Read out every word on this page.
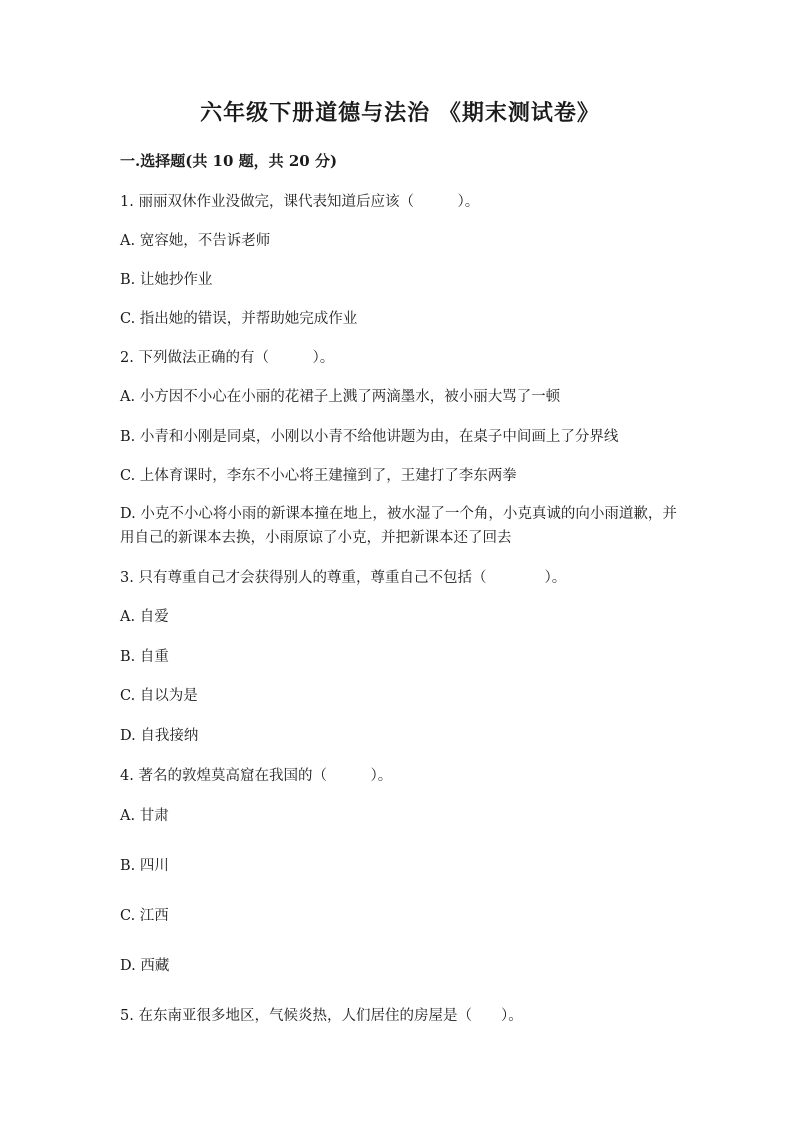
六年级下册道德与法治 《期末测试卷》
一.选择题(共 10 题，共 20 分)
1. 丽丽双休作业没做完，课代表知道后应该（　　　）。
A. 宽容她，不告诉老师
B. 让她抄作业
C. 指出她的错误，并帮助她完成作业
2. 下列做法正确的有（　　　）。
A. 小方因不小心在小丽的花裙子上溅了两滴墨水，被小丽大骂了一顿
B. 小青和小刚是同桌，小刚以小青不给他讲题为由，在桌子中间画上了分界线
C. 上体育课时，李东不小心将王建撞到了，王建打了李东两拳
D. 小克不小心将小雨的新课本撞在地上，被水湿了一个角，小克真诚的向小雨道歉，并用自己的新课本去换，小雨原谅了小克，并把新课本还了回去
3. 只有尊重自己才会获得别人的尊重，尊重自己不包括（　　　　）。
A. 自爱
B. 自重
C. 自以为是
D. 自我接纳
4. 著名的敦煌莫高窟在我国的（　　　）。
A. 甘肃
B. 四川
C. 江西
D. 西藏
5. 在东南亚很多地区，气候炎热，人们居住的房屋是（　　）。
